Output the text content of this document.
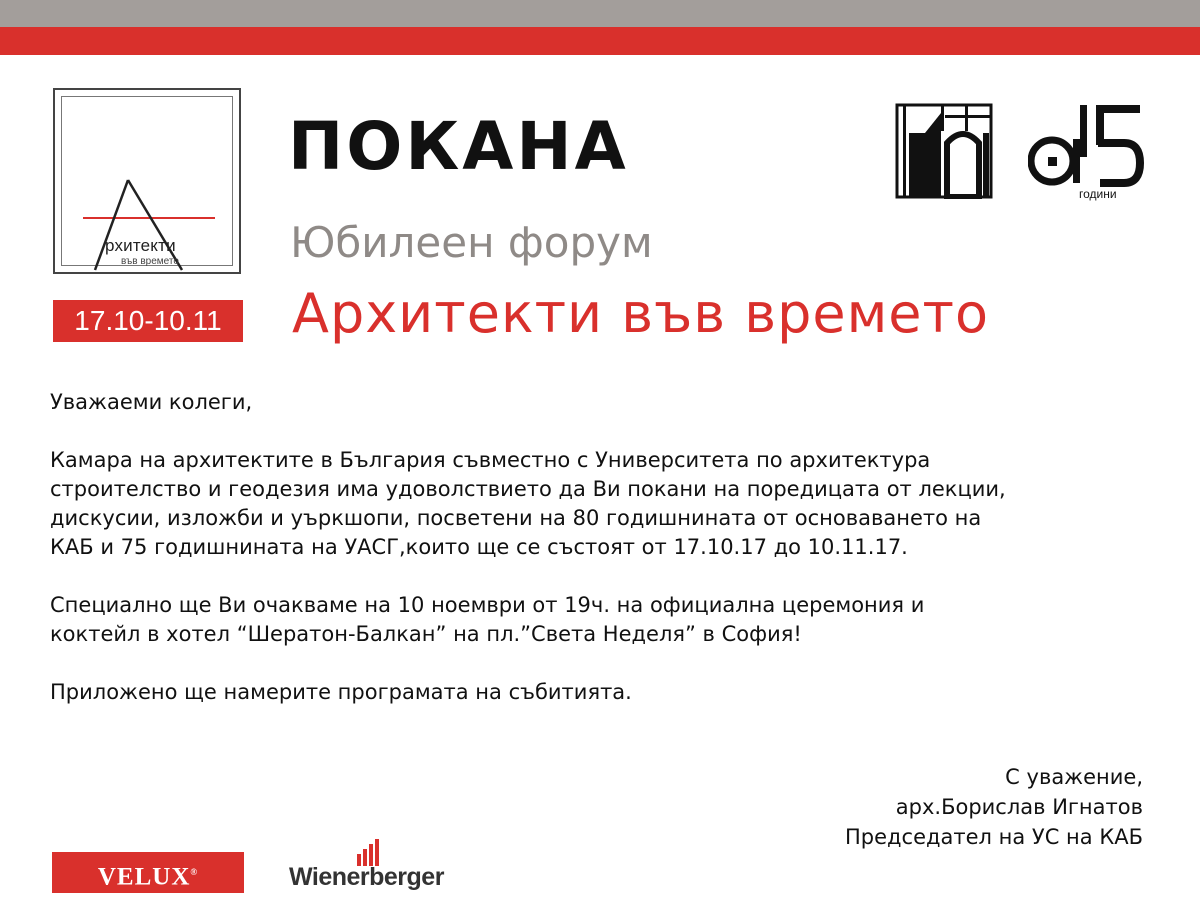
рхитекти
във времето
17.10-10.11
ПОКАНА
Юбилеен форум
Архитекти във времето
години

Уважаеми колеги,

Камара на архитектите в България съвместно с Университета по архитектура
строителство и геодезия има удоволствието да Ви покани на поредицата от лекции,
дискусии, изложби и уъркшопи, посветени на 80 годишнината от основаването на
КАБ и 75 годишнината на УАСГ,които ще се състоят от 17.10.17 до 10.11.17.

Специално ще Ви очакваме на 10 ноември от 19ч. на официална церемония и
коктейл в хотел “Шератон-Балкан” на пл.”Света Неделя” в София!

Приложено ще намерите програмата на събитията.

С уважение,
арх.Борислав Игнатов
Председател на УС на КАБ
VELUX®	Wienerberger
